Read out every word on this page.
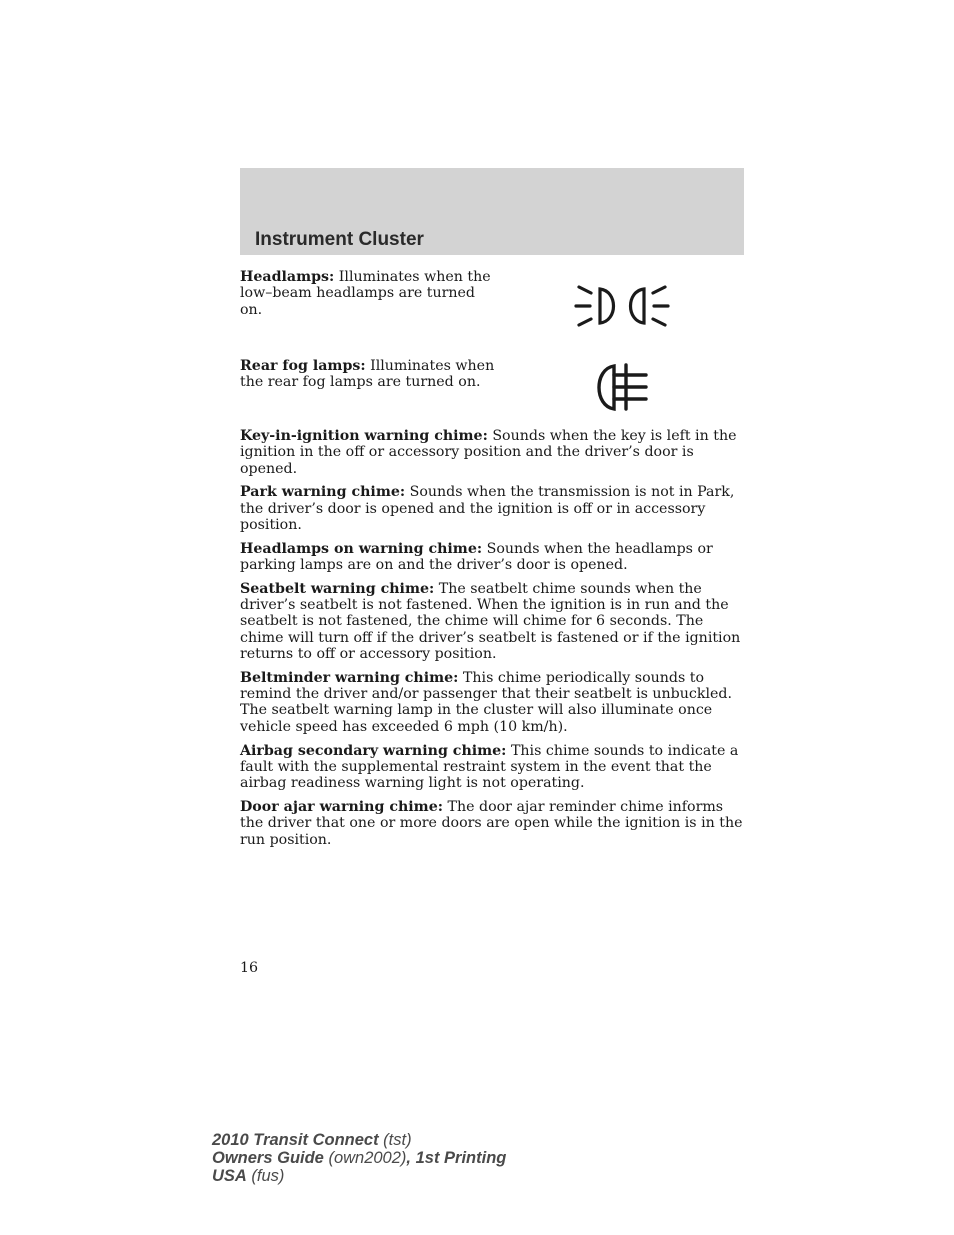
Instrument Cluster

Headlamps: Illuminates when the low–beam headlamps are turned on.

Rear fog lamps: Illuminates when the rear fog lamps are turned on.

Key-in-ignition warning chime: Sounds when the key is left in the ignition in the off or accessory position and the driver’s door is opened.

Park warning chime: Sounds when the transmission is not in Park, the driver’s door is opened and the ignition is off or in accessory position.

Headlamps on warning chime: Sounds when the headlamps or parking lamps are on and the driver’s door is opened.

Seatbelt warning chime: The seatbelt chime sounds when the driver’s seatbelt is not fastened. When the ignition is in run and the seatbelt is not fastened, the chime will chime for 6 seconds. The chime will turn off if the driver’s seatbelt is fastened or if the ignition returns to off or accessory position.

Beltminder warning chime: This chime periodically sounds to remind the driver and/or passenger that their seatbelt is unbuckled. The seatbelt warning lamp in the cluster will also illuminate once vehicle speed has exceeded 6 mph (10 km/h).

Airbag secondary warning chime: This chime sounds to indicate a fault with the supplemental restraint system in the event that the airbag readiness warning light is not operating.

Door ajar warning chime: The door ajar reminder chime informs the driver that one or more doors are open while the ignition is in the run position.

16
2010 Transit Connect (tst)
Owners Guide (own2002), 1st Printing
USA (fus)
